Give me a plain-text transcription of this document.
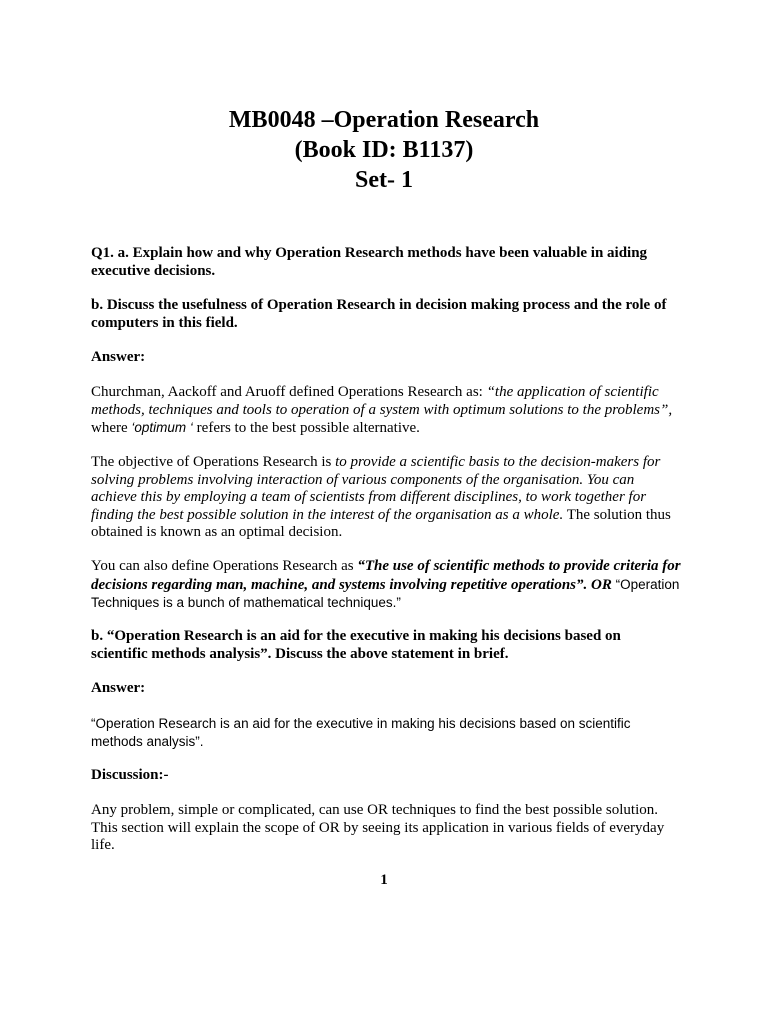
MB0048 –Operation Research
(Book ID: B1137)
Set- 1
Q1. a. Explain how and why Operation Research methods have been valuable in aiding executive decisions.
b. Discuss the usefulness of Operation Research in decision making process and the role of computers in this field.
Answer:
Churchman, Aackoff and Aruoff defined Operations Research as: “the application of scientific methods, techniques and tools to operation of a system with optimum solutions to the problems”, where ‘optimum ‘ refers to the best possible alternative.
The objective of Operations Research is to provide a scientific basis to the decision-makers for solving problems involving interaction of various components of the organisation. You can achieve this by employing a team of scientists from different disciplines, to work together for finding the best possible solution in the interest of the organisation as a whole. The solution thus obtained is known as an optimal decision.
You can also define Operations Research as “The use of scientific methods to provide criteria for decisions regarding man, machine, and systems involving repetitive operations”. OR “Operation Techniques is a bunch of mathematical techniques.”
b. “Operation Research is an aid for the executive in making his decisions based on scientific methods analysis”. Discuss the above statement in brief.
Answer:
“Operation Research is an aid for the executive in making his decisions based on scientific methods analysis”.
Discussion:-
Any problem, simple or complicated, can use OR techniques to find the best possible solution. This section will explain the scope of OR by seeing its application in various fields of everyday life.
1
